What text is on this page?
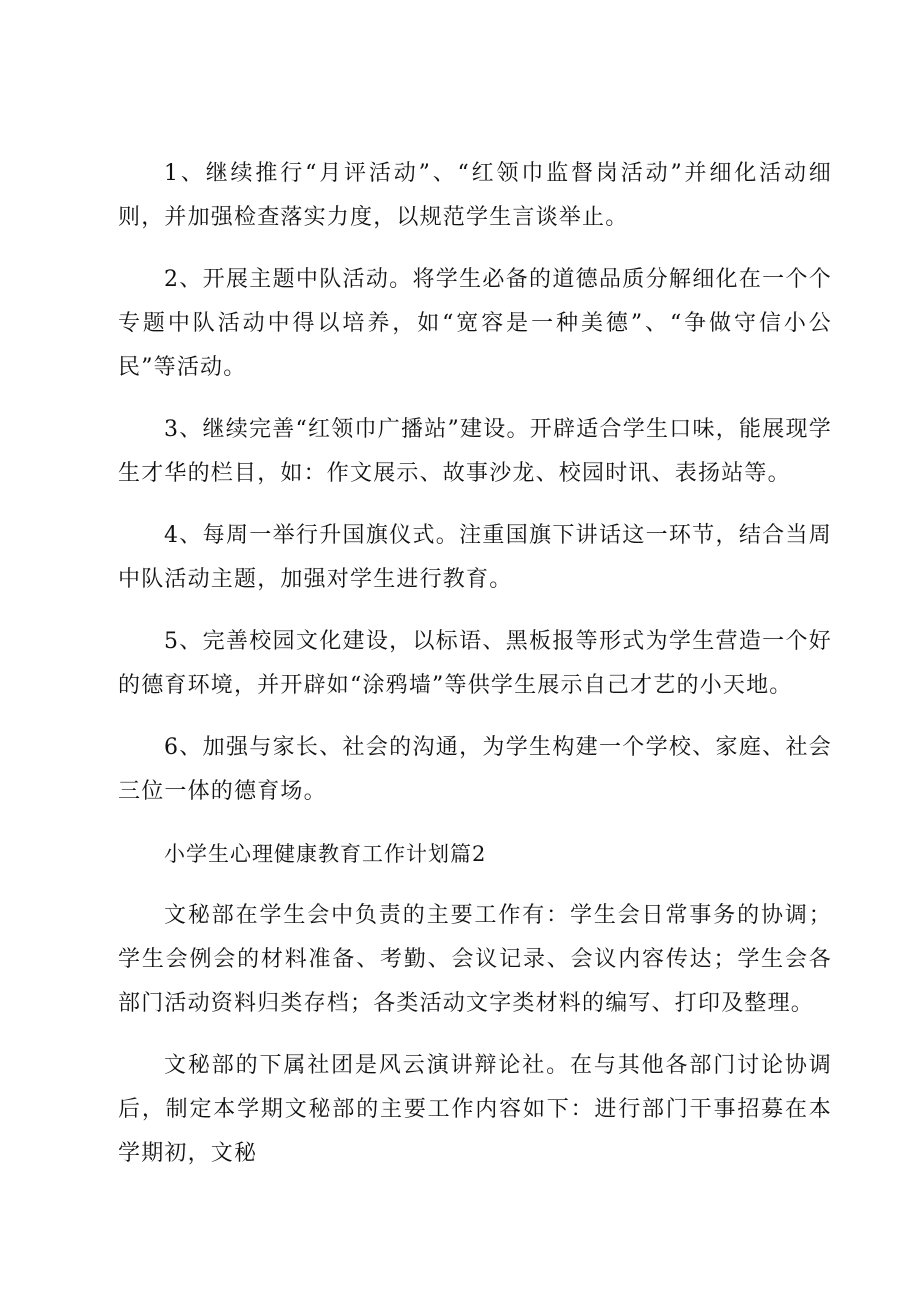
1、继续推行“月评活动”、“红领巾监督岗活动”并细化活动细则，并加强检查落实力度，以规范学生言谈举止。

2、开展主题中队活动。将学生必备的道德品质分解细化在一个个专题中队活动中得以培养，如“宽容是一种美德”、“争做守信小公民”等活动。

3、继续完善“红领巾广播站”建设。开辟适合学生口味，能展现学生才华的栏目，如：作文展示、故事沙龙、校园时讯、表扬站等。

4、每周一举行升国旗仪式。注重国旗下讲话这一环节，结合当周中队活动主题，加强对学生进行教育。

5、完善校园文化建设，以标语、黑板报等形式为学生营造一个好的德育环境，并开辟如“涂鸦墙”等供学生展示自己才艺的小天地。

6、加强与家长、社会的沟通，为学生构建一个学校、家庭、社会三位一体的德育场。

小学生心理健康教育工作计划篇2

文秘部在学生会中负责的主要工作有：学生会日常事务的协调；学生会例会的材料准备、考勤、会议记录、会议内容传达；学生会各部门活动资料归类存档；各类活动文字类材料的编写、打印及整理。

文秘部的下属社团是风云演讲辩论社。在与其他各部门讨论协调后，制定本学期文秘部的主要工作内容如下：进行部门干事招募在本学期初，文秘
